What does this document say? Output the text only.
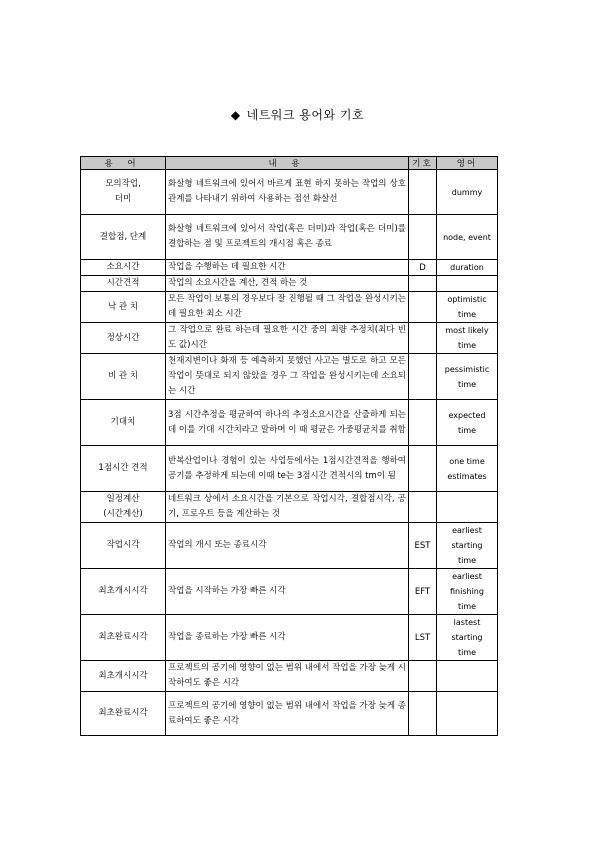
◆ 네트워크 용어와 기호
용 어	내 용	기호	영어
모의작업,
더미	화살형 네트워크에 있어서 바르게 표현 하지 못하는 작업의 상호관계를 나타내기 위하여 사용하는 점선 화살선		dummy
결합점, 단계	화살형 네트워크에 있어서 작업(혹은 더미)과 작업(혹은 더미)를 결합하는 점 및 프로젝트의 개시점 혹은 종료		node, event
소요시간	작업을 수행하는 데 필요한 시간	D	duration
시간견적	작업의 소요시간을 계산, 견적 하는 것		
낙 관 치	모든 작업이 보통의 경우보다 잘 진행될 때 그 작업을 완성시키는 데 필요한 최소 시간		optimistic
time
정상시간	그 작업으로 완료 하는데 필요한 시간 중의 최량 추정치(최다 빈도 값)시간		most likely
time
비 관 치	천재지변이나 화재 등 예측하지 못했던 사고는 별도로 하고 모든 작업이 뜻대로 되지 않았을 경우 그 작업을 완성시키는데 소요되는 시간		pessimistic
time
기대치	3점 시간추정을 평균하여 하나의 추정소요시간을 산출하게 되는데 이를 기대 시간치라고 말하며 이 때 평균은 가중평균치를 취함		expected
time
1점시간 견적	반복산업이나 경험이 있는 사업등에서는 1점시간견적을 행하여 공기를 추정하게 되는데 이때 te는 3점시간 견적시의 tm이 됨		one time
estimates
일정계산
(시간계산)	네트워크 상에서 소요시간을 기본으로 작업시각, 결합점시각, 공기, 프로우트 등을 계산하는 것		
작업시각	작업의 개시 또는 종료시각	EST	earliest
starting
time
최초개시시각	작업을 시작하는 가장 빠른 시각	EFT	earliest
finishing
time
최초완료시각	작업을 종료하는 가장 빠른 시각	LST	lastest
starting
time
최초개시시각	프로젝트의 공기에 영향이 없는 범위 내에서 작업을 가장 늦게 시작하여도 좋은 시각		
최초완료시각	프로젝트의 공기에 영향이 없는 범위 내에서 작업을 가장 늦게 종료하여도 좋은 시각		
